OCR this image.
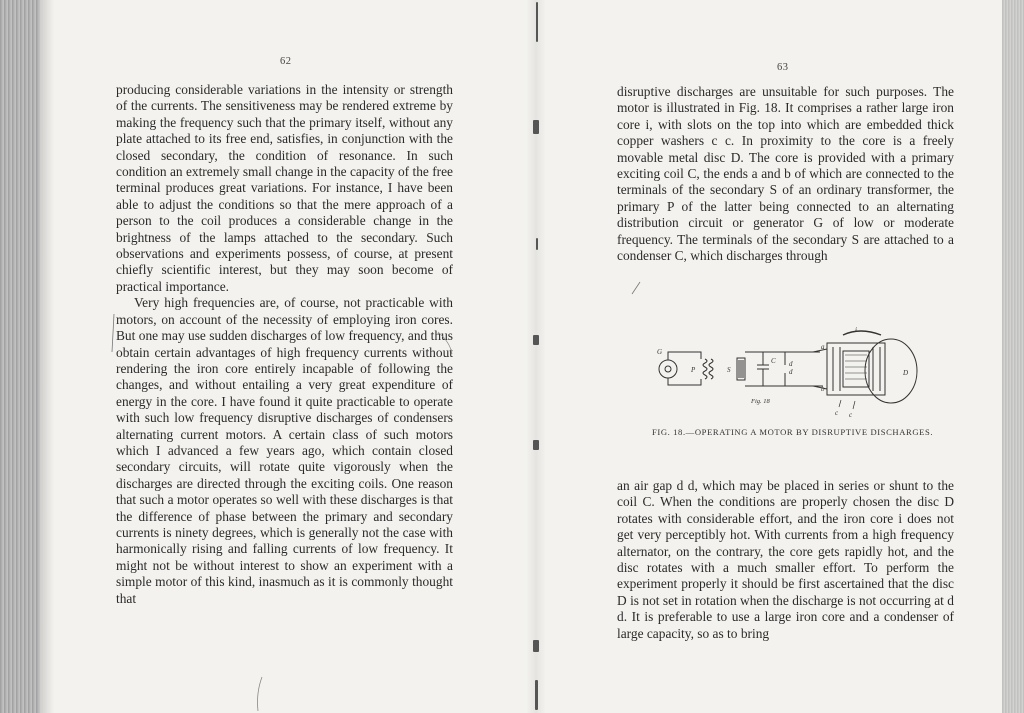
62

producing considerable variations in the intensity or strength of the currents. The sensitiveness may be rendered extreme by making the frequency such that the primary itself, without any plate attached to its free end, satisfies, in conjunction with the closed secondary, the condition of resonance. In such condition an extremely small change in the capacity of the free terminal produces great variations. For instance, I have been able to adjust the conditions so that the mere approach of a person to the coil produces a considerable change in the brightness of the lamps attached to the secondary. Such observations and experiments possess, of course, at present chiefly scientific interest, but they may soon become of practical importance.

Very high frequencies are, of course, not practicable with motors, on account of the necessity of employing iron cores. But one may use sudden discharges of low frequency, and thus obtain certain advantages of high frequency currents without rendering the iron core entirely incapable of following the changes, and without entailing a very great expenditure of energy in the core. I have found it quite practicable to operate with such low frequency disruptive discharges of condensers alternating current motors. A certain class of such motors which I advanced a few years ago, which contain closed secondary circuits, will rotate quite vigorously when the discharges are directed through the exciting coils. One reason that such a motor operates so well with these discharges is that the difference of phase between the primary and secondary currents is ninety degrees, which is generally not the case with harmonically rising and falling currents of low frequency. It might not be without interest to show an experiment with a simple motor of this kind, inasmuch as it is commonly thought that

63

disruptive discharges are unsuitable for such purposes. The motor is illustrated in Fig. 18. It comprises a rather large iron core i, with slots on the top into which are embedded thick copper washers c c. In proximity to the core is a freely movable metal disc D. The core is provided with a primary exciting coil C, the ends a and b of which are connected to the terminals of the secondary S of an ordinary transformer, the primary P of the latter being connected to an alternating distribution circuit or generator G of low or moderate frequency. The terminals of the secondary S are attached to a condenser C, which discharges through

G
P	S
C d
d
a
b
D
i
c c
Fig. 18
FIG. 18.—OPERATING A MOTOR BY DISRUPTIVE DISCHARGES.

an air gap d d, which may be placed in series or shunt to the coil C. When the conditions are properly chosen the disc D rotates with considerable effort, and the iron core i does not get very perceptibly hot. With currents from a high frequency alternator, on the contrary, the core gets rapidly hot, and the disc rotates with a much smaller effort. To perform the experiment properly it should be first ascertained that the disc D is not set in rotation when the discharge is not occurring at d d. It is preferable to use a large iron core and a condenser of large capacity, so as to bring
